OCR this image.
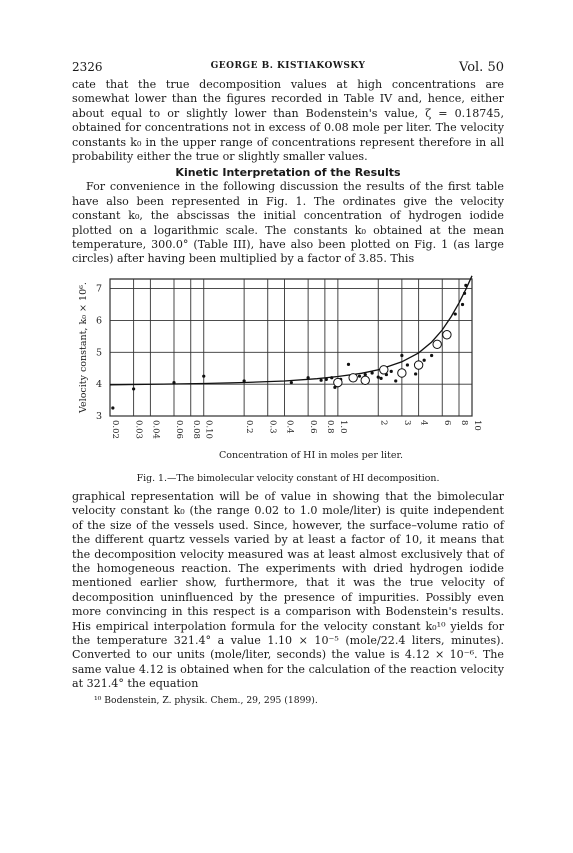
2326	GEORGE B. KISTIAKOWSKY	Vol. 50

cate that the true decomposition values at high concentrations are somewhat lower than the figures recorded in Table IV and, hence, either about equal to or slightly lower than Bodenstein's value, ζ = 0.18745, obtained for concentrations not in excess of 0.08 mole per liter. The velocity constants k₀ in the upper range of concentrations represent therefore in all probability either the true or slightly smaller values.

Kinetic Interpretation of the Results

For convenience in the following discussion the results of the first table have also been represented in Fig. 1. The ordinates give the velocity constant k₀, the abscissas the initial concentration of hydrogen iodide plotted on a logarithmic scale. The constants k₀ obtained at the mean temperature, 300.0° (Table III), have also been plotted on Fig. 1 (as large circles) after having been multiplied by a factor of 3.85. This

0.02 0.03 0.04 0.06 0.08 0.10	0.2 0.3 0.4 0.6 0.8 1.0	2 3 4 6 8 10
3
4
5
6
7
Velocity constant, k₀ × 10⁶.
Concentration of HI in moles per liter.
Fig. 1.—The bimolecular velocity constant of HI decomposition.

graphical representation will be of value in showing that the bimolecular velocity constant k₀ (the range 0.02 to 1.0 mole/liter) is quite independent of the size of the vessels used. Since, however, the surface–volume ratio of the different quartz vessels varied by at least a factor of 10, it means that the decomposition velocity measured was at least almost exclusively that of the homogeneous reaction. The experiments with dried hydrogen iodide mentioned earlier show, furthermore, that it was the true velocity of decomposition uninfluenced by the presence of impurities. Possibly even more convincing in this respect is a comparison with Bodenstein's results. His empirical interpolation formula for the velocity constant k₀¹⁰ yields for the temperature 321.4° a value 1.10 × 10⁻⁵ (mole/22.4 liters, minutes). Converted to our units (mole/liter, seconds) the value is 4.12 × 10⁻⁶. The same value 4.12 is obtained when for the calculation of the reaction velocity at 321.4° the equation

¹⁰ Bodenstein, Z. physik. Chem., 29, 295 (1899).
